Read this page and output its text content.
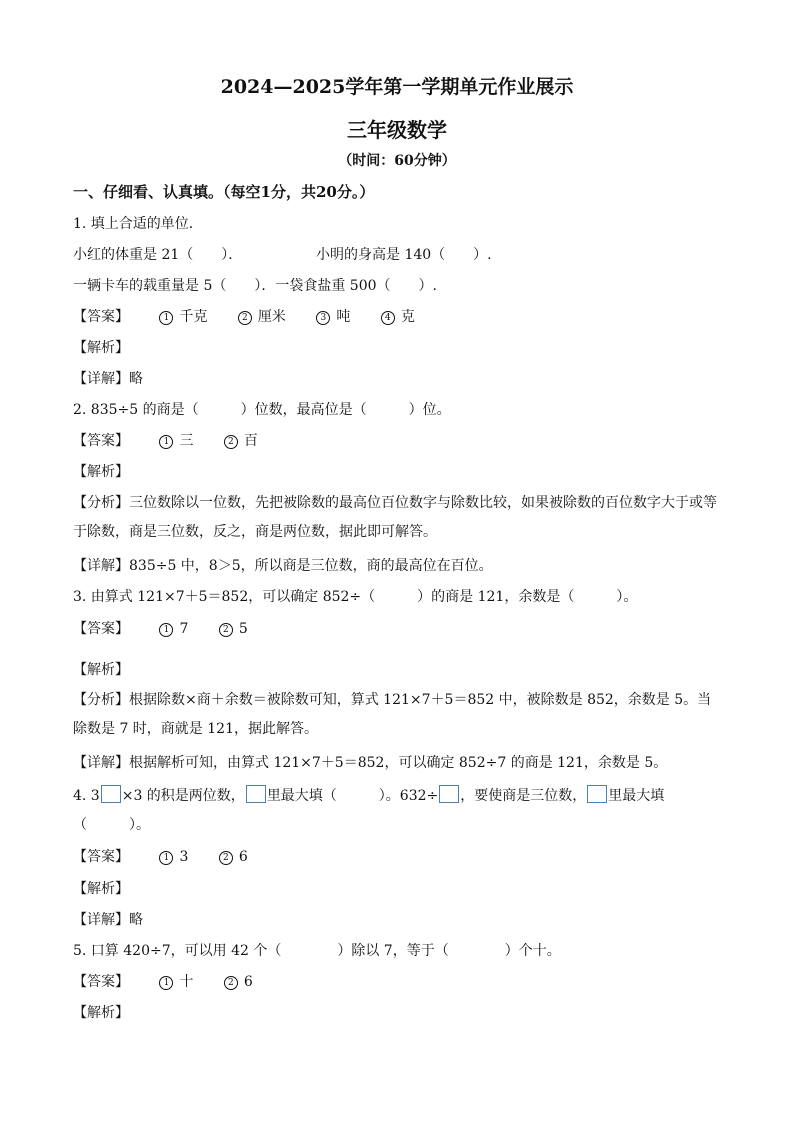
2024—2025学年第一学期单元作业展示
三年级数学
（时间：60分钟）
一、仔细看、认真填。（每空1分，共20分。）
1. 填上合适的单位．
小红的体重是 21（　　）．	小明的身高是 140（　　）.
一辆卡车的载重量是 5（　　）．一袋食盐重 500（　　）.
【答案】	1 千克	2 厘米	3 吨	4 克
【解析】
【详解】略
2. 835÷5 的商是（　　　）位数，最高位是（　　　）位。
【答案】	1 三	2 百
【解析】
【分析】三位数除以一位数，先把被除数的最高位百位数字与除数比较，如果被除数的百位数字大于或等于除数，商是三位数，反之，商是两位数，据此即可解答。
【详解】835÷5 中，8＞5，所以商是三位数，商的最高位在百位。
3. 由算式 121×7＋5＝852，可以确定 852÷（　　　）的商是 121，余数是（　　　）。
【答案】	1 7	2 5
【解析】
【分析】根据除数×商＋余数＝被除数可知，算式 121×7＋5＝852 中，被除数是 852，余数是 5。当除数是 7 时，商就是 121，据此解答。
【详解】根据解析可知，由算式 121×7＋5＝852，可以确定 852÷7 的商是 121，余数是 5。
4. 3 ×3 的积是两位数， 里最大填（　　　）。632÷ ，要使商是三位数， 里最大填
（　　　）。
【答案】	1 3	2 6
【解析】
【详解】略
5. 口算 420÷7，可以用 42 个（　　　　）除以 7，等于（　　　　）个十。
【答案】	1 十	2 6
【解析】
